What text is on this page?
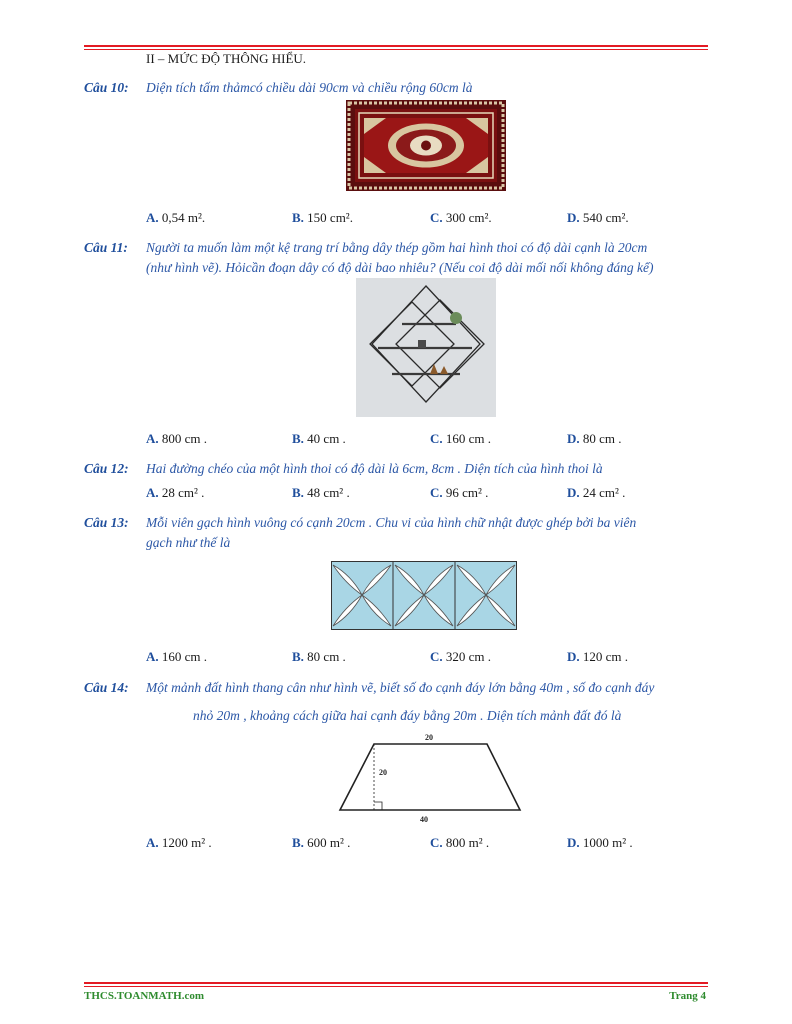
II – MỨC ĐỘ THÔNG HIỂU.
Câu 10: Diện tích tấm thảmcó chiều dài 90cm và chiều rộng 60cm là
A. 0,54 m².	B. 150 cm².	C. 300 cm².	D. 540 cm².
Câu 11: Người ta muốn làm một kệ trang trí bằng dây thép gồm hai hình thoi có độ dài cạnh là 20cm
(như hình vẽ). Hỏicần đoạn dây có độ dài bao nhiêu? (Nếu coi độ dài mối nối không đáng kể)
A. 800 cm .	B. 40 cm .	C. 160 cm .	D. 80 cm .
Câu 12: Hai đường chéo của một hình thoi có độ dài là 6cm, 8cm . Diện tích của hình thoi là
A. 28 cm² .	B. 48 cm² .	C. 96 cm² .	D. 24 cm² .
Câu 13: Mỗi viên gạch hình vuông có cạnh 20cm . Chu vi của hình chữ nhật được ghép bởi ba viên
gạch như thế là
A. 160 cm .	B. 80 cm .	C. 320 cm .	D. 120 cm .
Câu 14: Một mảnh đất hình thang cân như hình vẽ, biết số đo cạnh đáy lớn bằng 40m , số đo cạnh đáy
nhỏ 20m , khoảng cách giữa hai cạnh đáy bằng 20m . Diện tích mảnh đất đó là
20
20
40
A. 1200 m² .	B. 600 m² .	C. 800 m² .	D. 1000 m² .
THCS.TOANMATH.com	Trang 4
